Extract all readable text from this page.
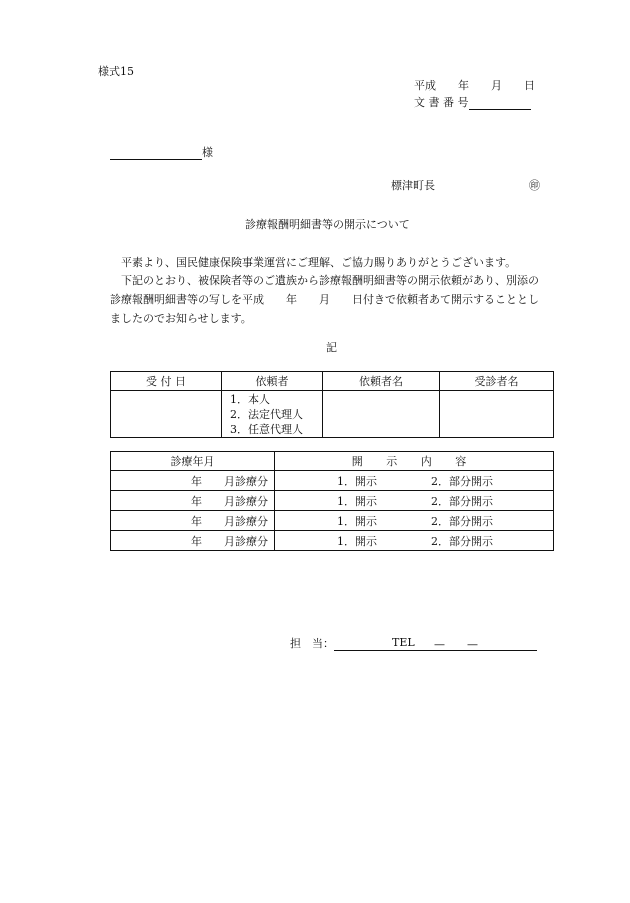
様式15
平成　　年　　月　　日
文 書 番 号
様
標津町長	㊞
診療報酬明細書等の開示について
平素より、国民健康保険事業運営にご理解、ご協力賜りありがとうございます。
下記のとおり、被保険者等のご遺族から診療報酬明細書等の開示依頼があり、別添の診療報酬明細書等の写しを平成　　年　　月　　日付きで依頼者あて開示することとしましたのでお知らせします。
記
受 付 日	依頼者	依頼者名	受診者名

	1．本人
2．法定代理人
3．任意代理人		

診療年月	開 示 内 容
年　　月診療分	1．開示 2．部分開示
年　　月診療分	1．開示 2．部分開示
年　　月診療分	1．開示 2．部分開示
年　　月診療分	1．開示 2．部分開示
担　当：	TEL —　　—
